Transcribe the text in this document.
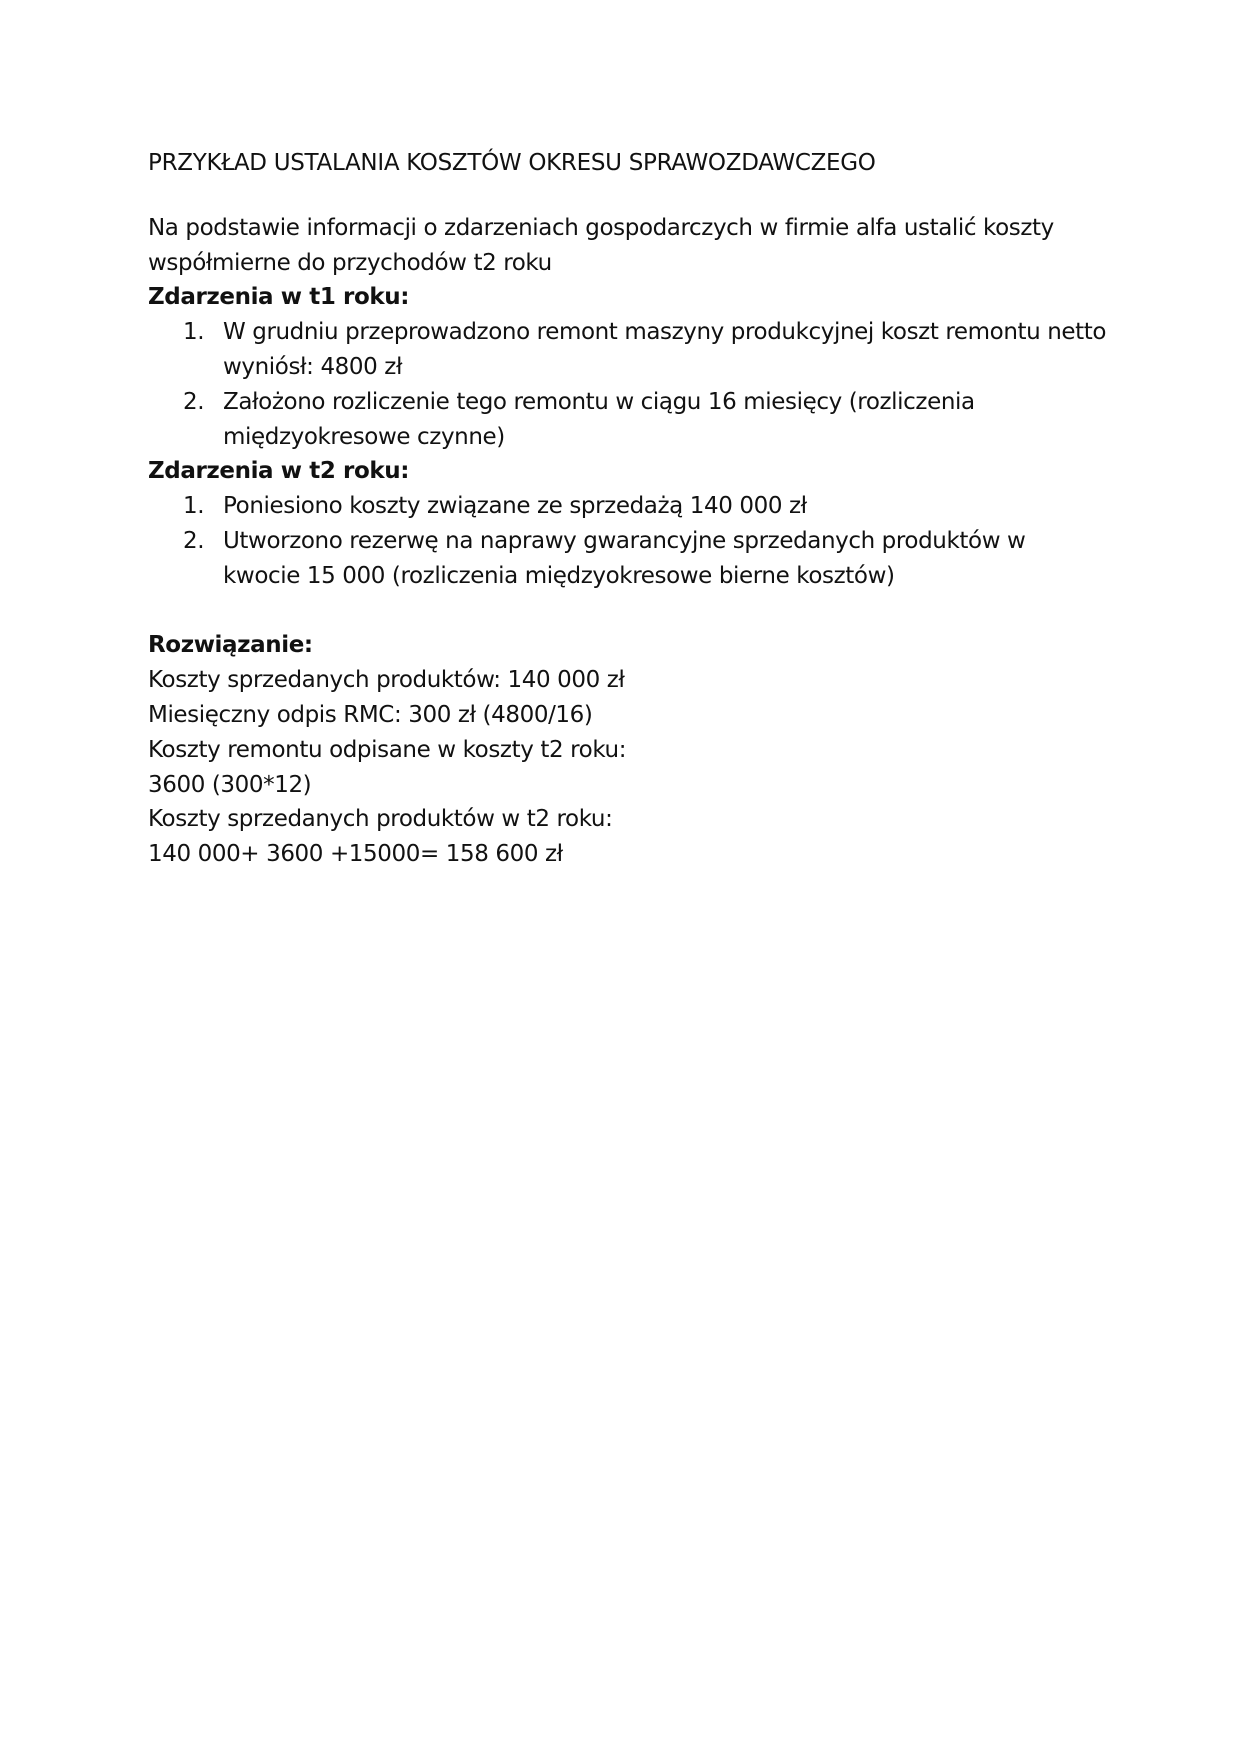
PRZYKŁAD USTALANIA KOSZTÓW OKRESU SPRAWOZDAWCZEGO

Na podstawie informacji o zdarzeniach gospodarczych w firmie alfa ustalić koszty współmierne do przychodów t2 roku

Zdarzenia w t1 roku:

1. W grudniu przeprowadzono remont maszyny produkcyjnej koszt remontu netto wyniósł: 4800 zł
2. Założono rozliczenie tego remontu w ciągu 16 miesięcy (rozliczenia międzyokresowe czynne)

Zdarzenia w t2 roku:

1. Poniesiono koszty związane ze sprzedażą 140 000 zł
2. Utworzono rezerwę na naprawy gwarancyjne sprzedanych produktów w kwocie 15 000 (rozliczenia międzyokresowe bierne kosztów)

Rozwiązanie:

Koszty sprzedanych produktów: 140 000 zł
Miesięczny odpis RMC: 300 zł (4800/16)
Koszty remontu odpisane w koszty t2 roku:
3600 (300*12)
Koszty sprzedanych produktów w t2 roku:
140 000+ 3600 +15000= 158 600 zł
